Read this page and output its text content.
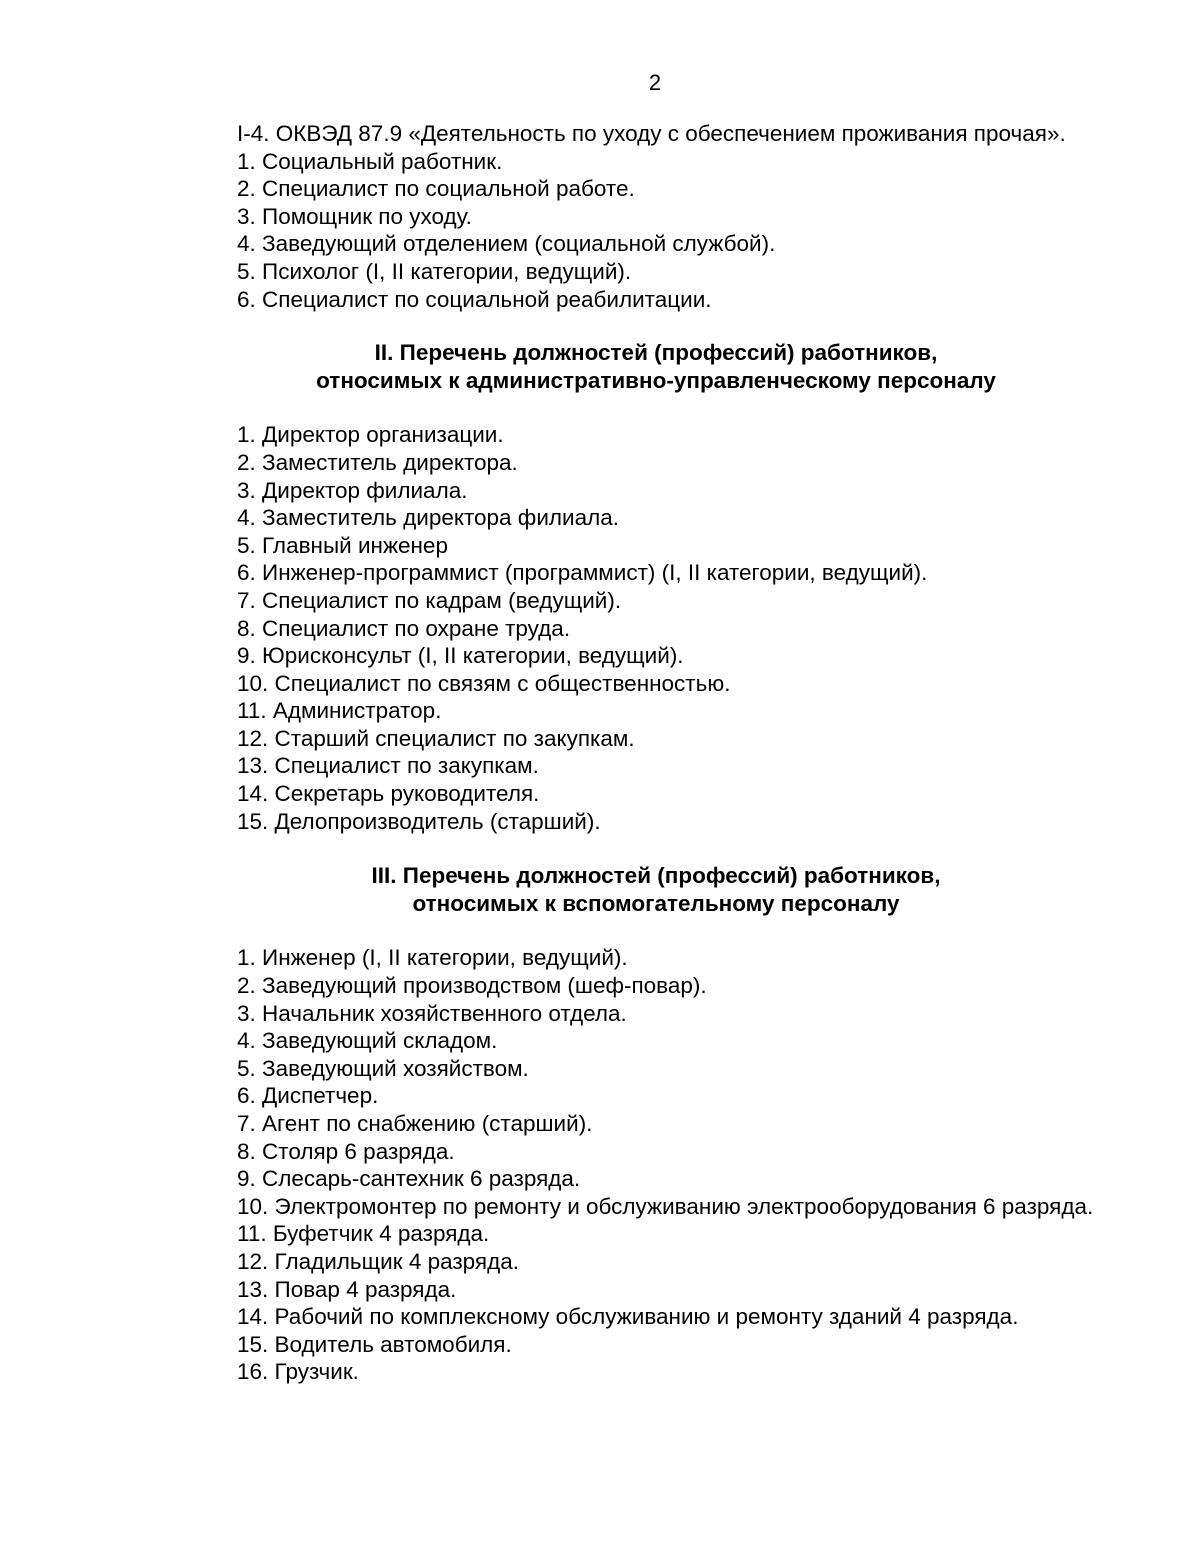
2

I-4. ОКВЭД 87.9 «Деятельность по уходу с обеспечением проживания прочая».

1. Социальный работник.

2. Специалист по социальной работе.

3. Помощник по уходу.

4. Заведующий отделением (социальной службой).

5. Психолог (I, II категории, ведущий).

6. Специалист по социальной реабилитации.

II. Перечень должностей (профессий) работников,
относимых к административно-управленческому персоналу

1. Директор организации.

2. Заместитель директора.

3. Директор филиала.

4. Заместитель директора филиала.

5. Главный инженер

6. Инженер-программист (программист) (I, II категории, ведущий).

7. Специалист по кадрам (ведущий).

8. Специалист по охране труда.

9. Юрисконсульт (I, II категории, ведущий).

10. Специалист по связям с общественностью.

11. Администратор.

12. Старший специалист по закупкам.

13. Специалист по закупкам.

14. Секретарь руководителя.

15. Делопроизводитель (старший).

III. Перечень должностей (профессий) работников,
относимых к вспомогательному персоналу

1. Инженер (I, II категории, ведущий).

2. Заведующий производством (шеф-повар).

3. Начальник хозяйственного отдела.

4. Заведующий складом.

5. Заведующий хозяйством.

6. Диспетчер.

7. Агент по снабжению (старший).

8. Столяр 6 разряда.

9. Слесарь-сантехник 6 разряда.

10. Электромонтер по ремонту и обслуживанию электрооборудования 6 разряда.

11. Буфетчик 4 разряда.

12. Гладильщик 4 разряда.

13. Повар 4 разряда.

14. Рабочий по комплексному обслуживанию и ремонту зданий 4 разряда.

15. Водитель автомобиля.

16. Грузчик.
